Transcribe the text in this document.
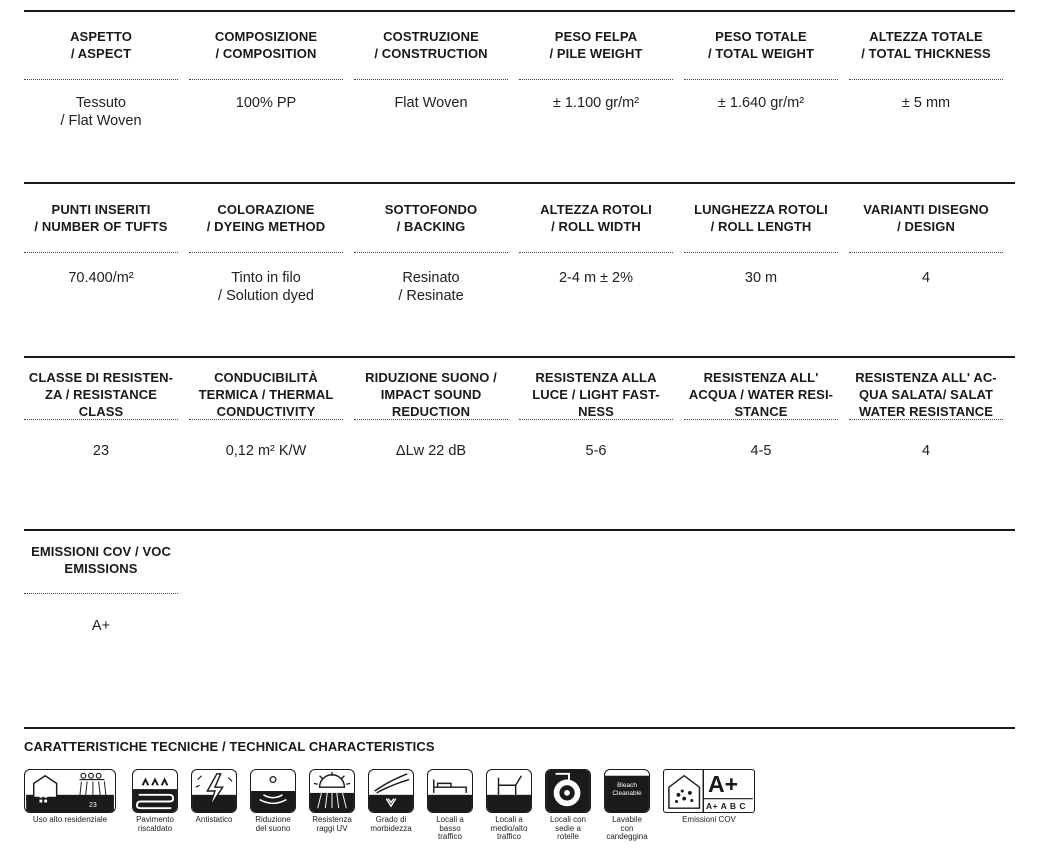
ASPETTO
/ ASPECT
Tessuto
/ Flat Woven
COMPOSIZIONE
/ COMPOSITION
100% PP
COSTRUZIONE
/ CONSTRUCTION
Flat Woven
PESO FELPA
/ PILE WEIGHT
± 1.100 gr/m²
PESO TOTALE
/ TOTAL WEIGHT
± 1.640 gr/m²
ALTEZZA TOTALE
/ TOTAL THICKNESS
± 5 mm
PUNTI INSERITI
/ NUMBER OF TUFTS
70.400/m²
COLORAZIONE
/ DYEING METHOD
Tinto in filo
/ Solution dyed
SOTTOFONDO
/ BACKING
Resinato
/ Resinate
ALTEZZA ROTOLI
/ ROLL WIDTH
2-4 m ± 2%
LUNGHEZZA ROTOLI
/ ROLL LENGTH
30 m
VARIANTI DISEGNO
/ DESIGN
4
CLASSE DI RESISTEN-
ZA / RESISTANCE
CLASS
23
CONDUCIBILITÀ
TERMICA / THERMAL
CONDUCTIVITY
0,12 m² K/W
RIDUZIONE SUONO /
IMPACT SOUND
REDUCTION
ΔLw 22 dB
RESISTENZA ALLA
LUCE / LIGHT FAST-
NESS
5-6
RESISTENZA ALL'
ACQUA / WATER RESI-
STANCE
4-5
RESISTENZA ALL' AC-
QUA SALATA/ SALAT
WATER RESISTANCE
4
EMISSIONI COV / VOC
EMISSIONS
A+
CARATTERISTICHE TECNICHE / TECHNICAL CHARACTERISTICS
23
Uso alto residenziale	Pavimento
riscaldato
Antistatico	Riduzione
del suono
Resistenza
raggi UV
Grado di
morbidezza
Locali a
basso
traffico
Locali a
medio/alto
traffico
Locali con
sedie a
rotelle
Bleach
Cleanable
Lavabile
con
candeggina
A+
A+ A B C
Emissioni COV
